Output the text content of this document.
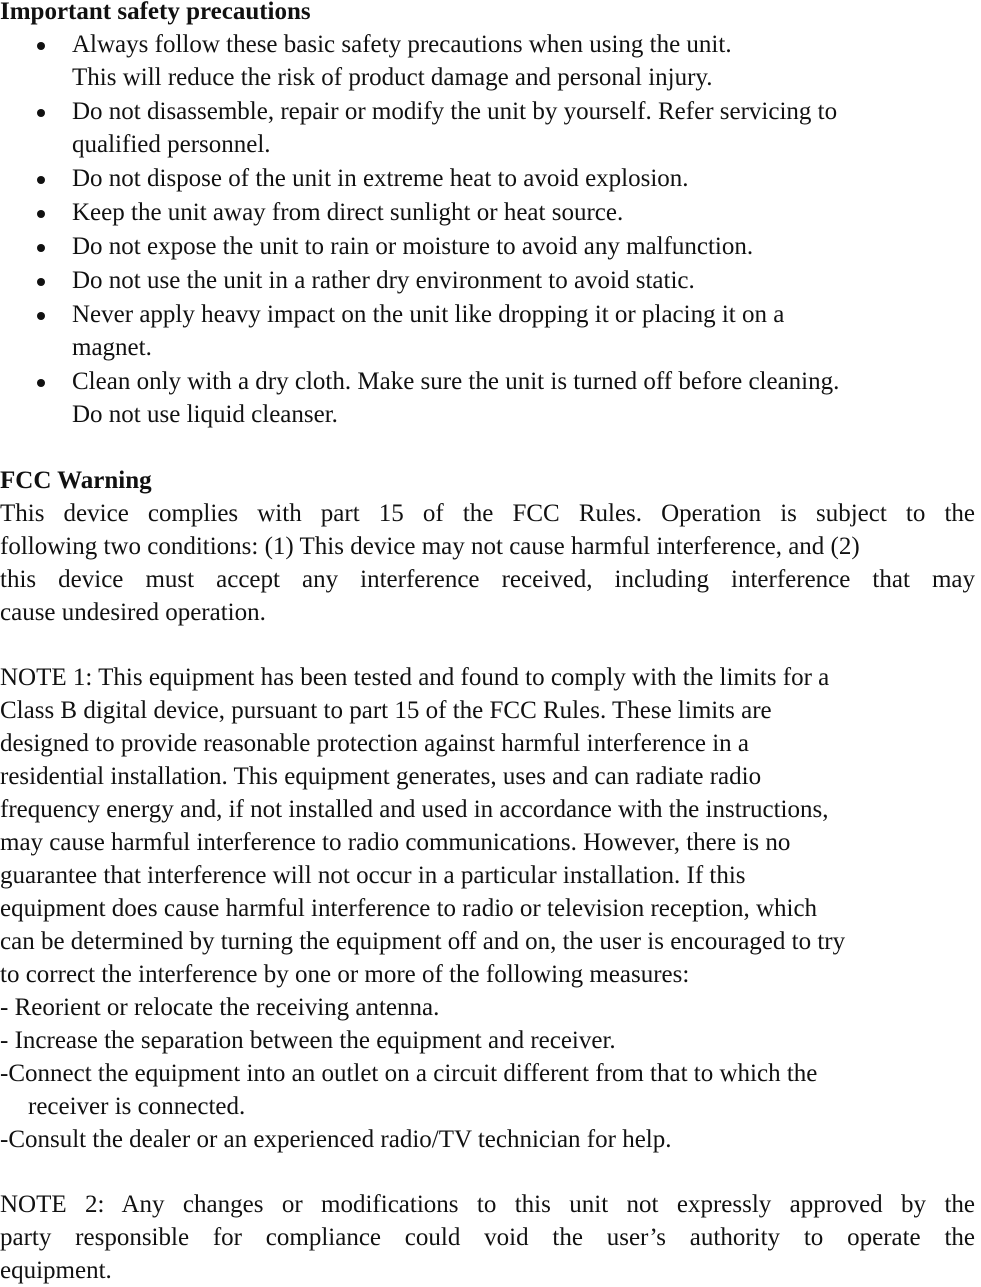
Important safety precautions
Always follow these basic safety precautions when using the unit.
This will reduce the risk of product damage and personal injury.
Do not disassemble, repair or modify the unit by yourself. Refer servicing to
qualified personnel.
Do not dispose of the unit in extreme heat to avoid explosion.
Keep the unit away from direct sunlight or heat source.
Do not expose the unit to rain or moisture to avoid any malfunction.
Do not use the unit in a rather dry environment to avoid static.
Never apply heavy impact on the unit like dropping it or placing it on a
magnet.
Clean only with a dry cloth. Make sure the unit is turned off before cleaning.
Do not use liquid cleanser.
FCC Warning
This device complies with part 15 of the FCC Rules. Operation is subject to the
following two conditions: (1) This device may not cause harmful interference, and (2)
this device must accept any interference received, including interference that may
cause undesired operation.
NOTE 1: This equipment has been tested and found to comply with the limits for a
Class B digital device, pursuant to part 15 of the FCC Rules. These limits are
designed to provide reasonable protection against harmful interference in a
residential installation. This equipment generates, uses and can radiate radio
frequency energy and, if not installed and used in accordance with the instructions,
may cause harmful interference to radio communications. However, there is no
guarantee that interference will not occur in a particular installation. If this
equipment does cause harmful interference to radio or television reception, which
can be determined by turning the equipment off and on, the user is encouraged to try
to correct the interference by one or more of the following measures:
- Reorient or relocate the receiving antenna.
- Increase the separation between the equipment and receiver.
-Connect the equipment into an outlet on a circuit different from that to which the
receiver is connected.
-Consult the dealer or an experienced radio/TV technician for help.
NOTE 2: Any changes or modifications to this unit not expressly approved by the
party responsible for compliance could void the user’s authority to operate the
equipment.
